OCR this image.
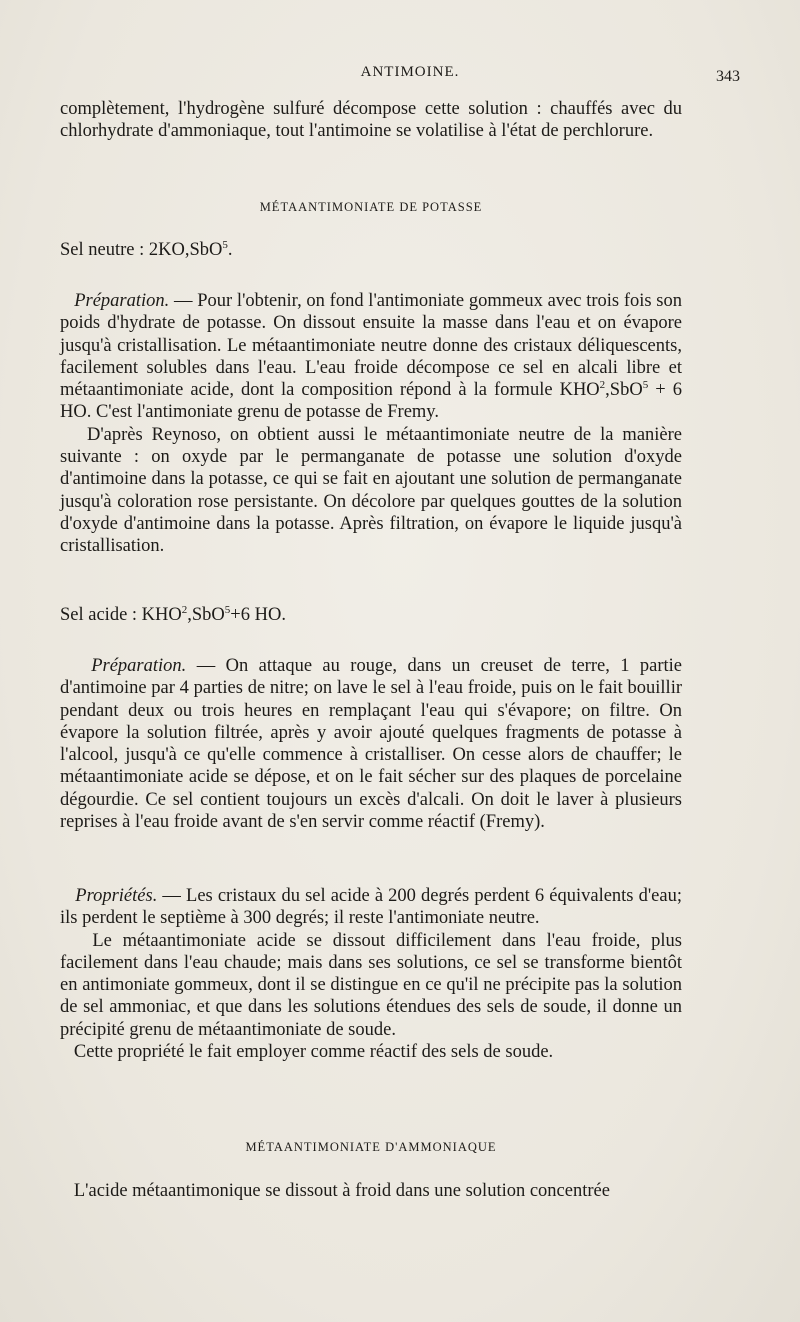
ANTIMOINE.	343

complètement, l'hydrogène sulfuré décompose cette solution : chauffés avec du chlorhydrate d'ammoniaque, tout l'antimoine se volatilise à l'état de perchlorure.

MÉTAANTIMONIATE DE POTASSE
Sel neutre : 2KO,SbO$^5$.

Préparation. — Pour l'obtenir, on fond l'antimoniate gommeux avec trois fois son poids d'hydrate de potasse. On dissout ensuite la masse dans l'eau et on évapore jusqu'à cristallisation. Le métaantimoniate neutre donne des cristaux déliquescents, facilement solubles dans l'eau. L'eau froide décompose ce sel en alcali libre et métaantimoniate acide, dont la composition répond à la formule $KHO^2,SbO^5 + 6$ HO. C'est l'antimoniate grenu de potasse de Fremy.

D'après Reynoso, on obtient aussi le métaantimoniate neutre de la manière suivante : on oxyde par le permanganate de potasse une solution d'oxyde d'antimoine dans la potasse, ce qui se fait en ajoutant une solution de permanganate jusqu'à coloration rose persistante. On décolore par quelques gouttes de la solution d'oxyde d'antimoine dans la potasse. Après filtration, on évapore le liquide jusqu'à cristallisation.

Sel acide : $KHO^2,SbO^5+6$ HO.

Préparation. — On attaque au rouge, dans un creuset de terre, 1 partie d'antimoine par 4 parties de nitre; on lave le sel à l'eau froide, puis on le fait bouillir pendant deux ou trois heures en remplaçant l'eau qui s'évapore; on filtre. On évapore la solution filtrée, après y avoir ajouté quelques fragments de potasse à l'alcool, jusqu'à ce qu'elle commence à cristalliser. On cesse alors de chauffer; le métaantimoniate acide se dépose, et on le fait sécher sur des plaques de porcelaine dégourdie. Ce sel contient toujours un excès d'alcali. On doit le laver à plusieurs reprises à l'eau froide avant de s'en servir comme réactif (Fremy).

Propriétés. — Les cristaux du sel acide à 200 degrés perdent 6 équivalents d'eau; ils perdent le septième à 300 degrés; il reste l'antimoniate neutre.

Le métaantimoniate acide se dissout difficilement dans l'eau froide, plus facilement dans l'eau chaude; mais dans ses solutions, ce sel se transforme bientôt en antimoniate gommeux, dont il se distingue en ce qu'il ne précipite pas la solution de sel ammoniac, et que dans les solutions étendues des sels de soude, il donne un précipité grenu de métaantimoniate de soude.

Cette propriété le fait employer comme réactif des sels de soude.

MÉTAANTIMONIATE D'AMMONIAQUE

L'acide métaantimonique se dissout à froid dans une solution concentrée
